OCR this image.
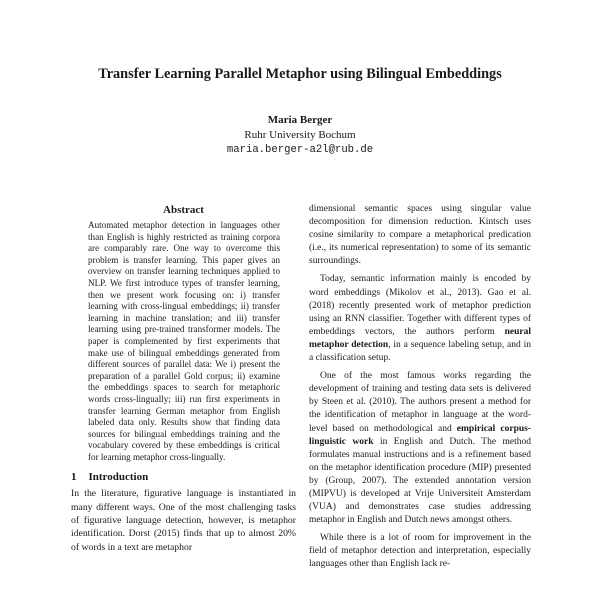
Transfer Learning Parallel Metaphor using Bilingual Embeddings
Maria Berger
Ruhr University Bochum
maria.berger-a2l@rub.de
Abstract

Automated metaphor detection in languages other than English is highly restricted as training corpora are comparably rare. One way to overcome this problem is transfer learning. This paper gives an overview on transfer learning techniques applied to NLP. We first introduce types of transfer learning, then we present work focusing on: i) transfer learning with cross-lingual embeddings; ii) transfer learning in machine translation; and iii) transfer learning using pre-trained transformer models. The paper is complemented by first experiments that make use of bilingual embeddings generated from different sources of parallel data: We i) present the preparation of a parallel Gold corpus; ii) examine the embeddings spaces to search for metaphoric words cross-lingually; iii) run first experiments in transfer learning German metaphor from English labeled data only. Results show that finding data sources for bilingual embeddings training and the vocabulary covered by these embeddings is critical for learning metaphor cross-lingually.

1 Introduction

In the literature, figurative language is instantiated in many different ways. One of the most challenging tasks of figurative language detection, however, is metaphor identification. Dorst (2015) finds that up to almost 20% of words in a text are metaphor

dimensional semantic spaces using singular value decomposition for dimension reduction. Kintsch uses cosine similarity to compare a metaphorical predication (i.e., its numerical representation) to some of its semantic surroundings.

Today, semantic information mainly is encoded by word embeddings (Mikolov et al., 2013). Gao et al. (2018) recently presented work of metaphor prediction using an RNN classifier. Together with different types of embeddings vectors, the authors perform neural metaphor detection, in a sequence labeling setup, and in a classification setup.

One of the most famous works regarding the development of training and testing data sets is delivered by Steen et al. (2010). The authors present a method for the identification of metaphor in language at the word-level based on methodological and empirical corpus-linguistic work in English and Dutch. The method formulates manual instructions and is a refinement based on the metaphor identification procedure (MIP) presented by (Group, 2007). The extended annotation version (MIPVU) is developed at Vrije Universiteit Amsterdam (VUA) and demonstrates case studies addressing metaphor in English and Dutch news amongst others.

While there is a lot of room for improvement in the field of metaphor detection and interpretation, especially languages other than English lack re-
